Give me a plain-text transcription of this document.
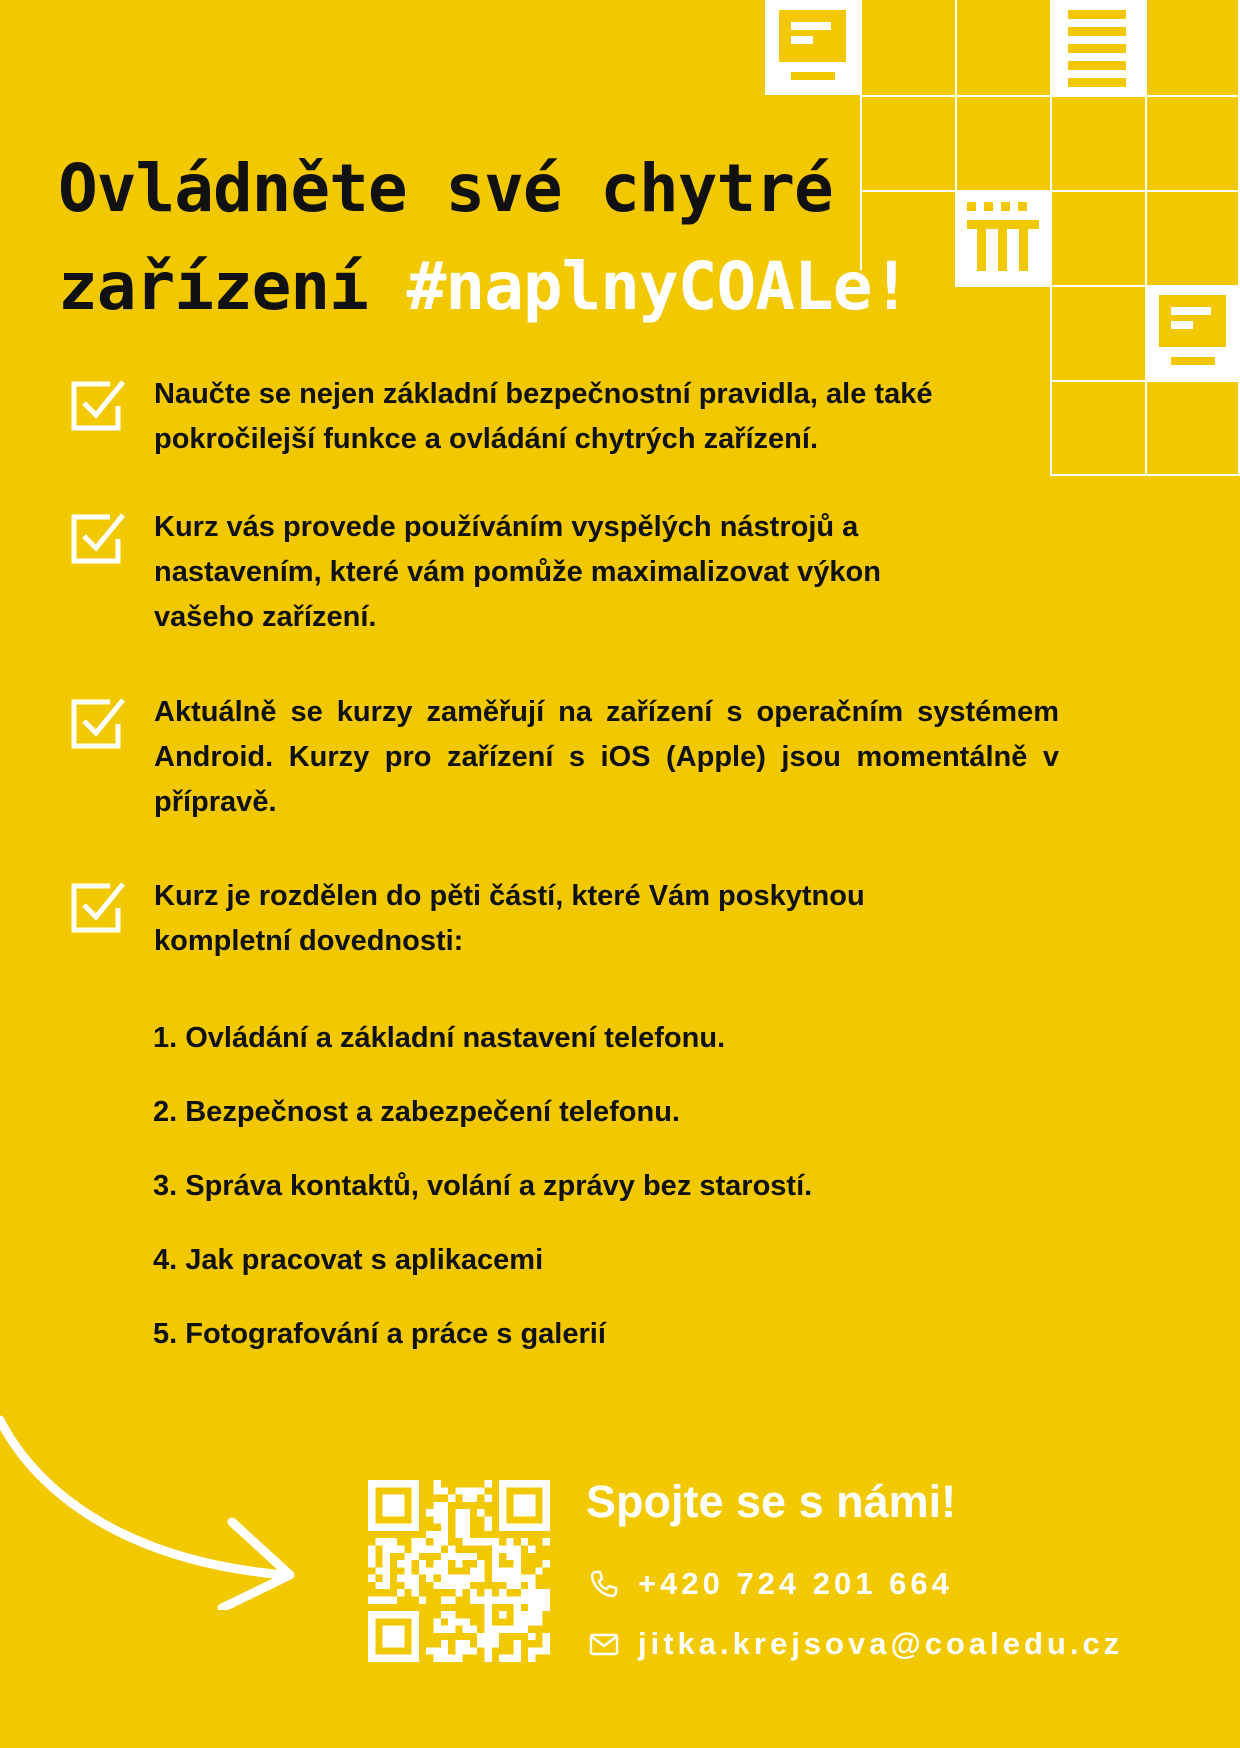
Ovládněte své chytré
zařízení #naplnyCOALe!

Naučte se nejen základní bezpečnostní pravidla, ale také pokročilejší funkce a ovládání chytrých zařízení.

Kurz vás provede používáním vyspělých nástrojů a nastavením, které vám pomůže maximalizovat výkon vašeho zařízení.

Aktuálně se kurzy zaměřují na zařízení s operačním systémem Android. Kurzy pro zařízení s iOS (Apple) jsou momentálně v přípravě.

Kurz je rozdělen do pěti částí, které Vám poskytnou kompletní dovednosti:

1. Ovládání a základní nastavení telefonu.
2. Bezpečnost a zabezpečení telefonu.
3. Správa kontaktů, volání a zprávy bez starostí.
4. Jak pracovat s aplikacemi
5. Fotografování a práce s galerií
Spojte se s námi!
+420 724 201 664
jitka.krejsova@coaledu.cz
